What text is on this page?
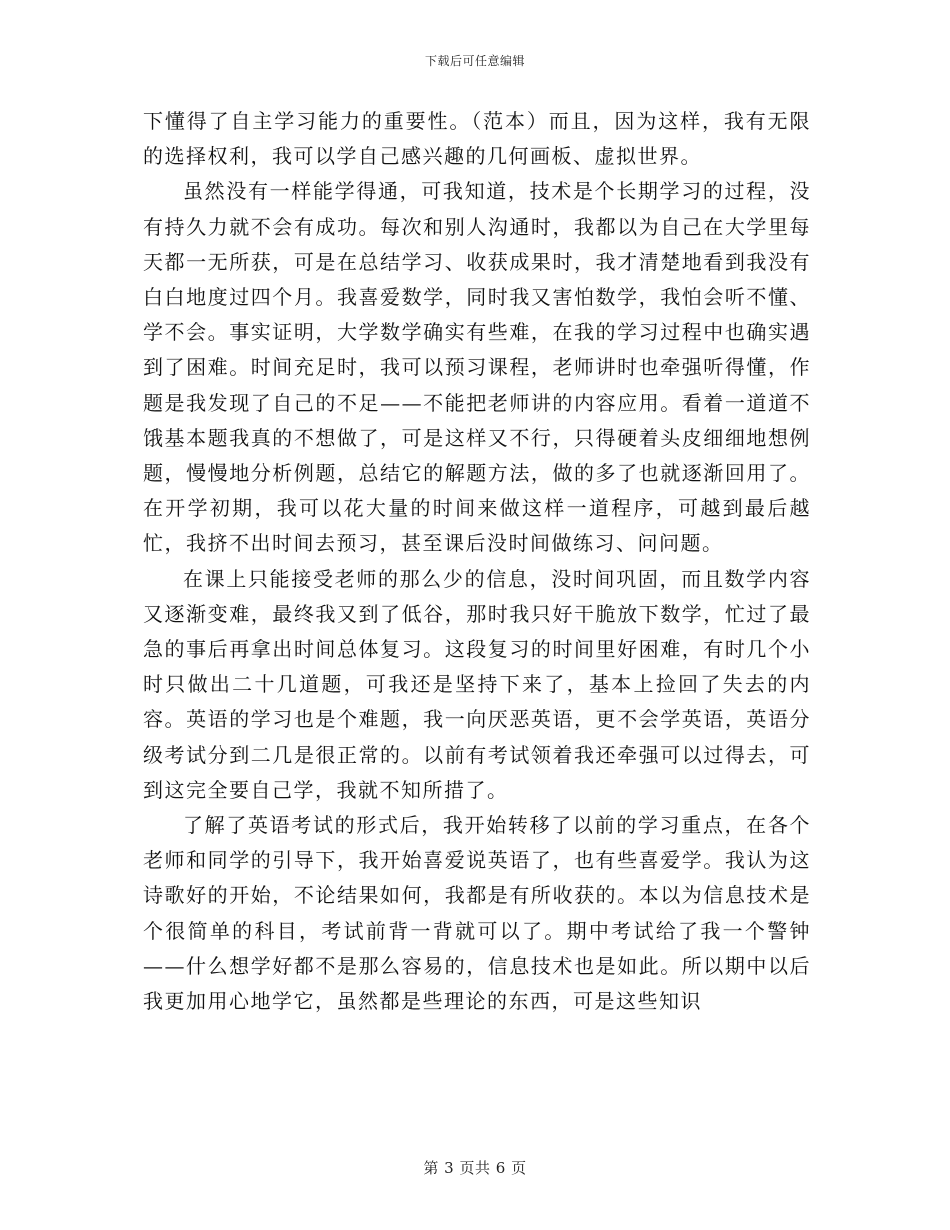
下载后可任意编辑

下懂得了自主学习能力的重要性。（范本）而且，因为这样，我有无限的选择权利，我可以学自己感兴趣的几何画板、虚拟世界。

虽然没有一样能学得通，可我知道，技术是个长期学习的过程，没有持久力就不会有成功。每次和别人沟通时，我都以为自己在大学里每天都一无所获，可是在总结学习、收获成果时，我才清楚地看到我没有白白地度过四个月。我喜爱数学，同时我又害怕数学，我怕会听不懂、学不会。事实证明，大学数学确实有些难，在我的学习过程中也确实遇到了困难。时间充足时，我可以预习课程，老师讲时也牵强听得懂，作题是我发现了自己的不足——不能把老师讲的内容应用。看着一道道不饿基本题我真的不想做了，可是这样又不行，只得硬着头皮细细地想例题，慢慢地分析例题，总结它的解题方法，做的多了也就逐渐回用了。在开学初期，我可以花大量的时间来做这样一道程序，可越到最后越忙，我挤不出时间去预习，甚至课后没时间做练习、问问题。

在课上只能接受老师的那么少的信息，没时间巩固，而且数学内容又逐渐变难，最终我又到了低谷，那时我只好干脆放下数学，忙过了最急的事后再拿出时间总体复习。这段复习的时间里好困难，有时几个小时只做出二十几道题，可我还是坚持下来了，基本上捡回了失去的内容。英语的学习也是个难题，我一向厌恶英语，更不会学英语，英语分级考试分到二几是很正常的。以前有考试领着我还牵强可以过得去，可到这完全要自己学，我就不知所措了。

了解了英语考试的形式后，我开始转移了以前的学习重点，在各个老师和同学的引导下，我开始喜爱说英语了，也有些喜爱学。我认为这诗歌好的开始，不论结果如何，我都是有所收获的。本以为信息技术是个很简单的科目，考试前背一背就可以了。期中考试给了我一个警钟——什么想学好都不是那么容易的，信息技术也是如此。所以期中以后我更加用心地学它，虽然都是些理论的东西，可是这些知识

第 3 页共 6 页
